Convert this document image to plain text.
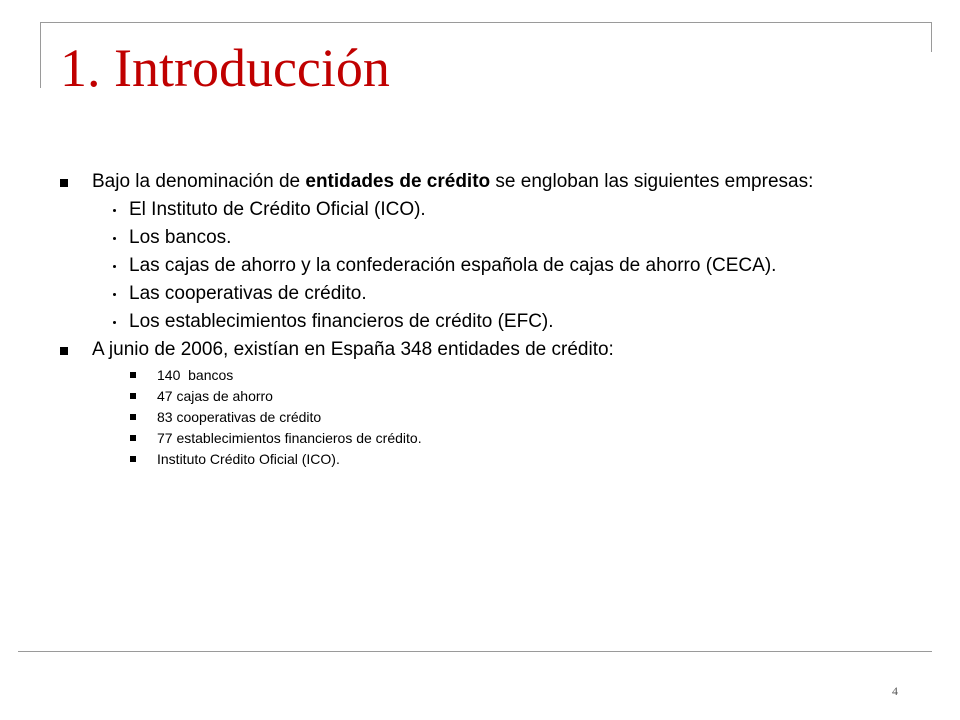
1. Introducción
Bajo la denominación de entidades de crédito se engloban las siguientes empresas:
El Instituto de Crédito Oficial (ICO).
Los bancos.
Las cajas de ahorro y la confederación española de cajas de ahorro (CECA).
Las cooperativas de crédito.
Los establecimientos financieros de crédito (EFC).
A junio de 2006, existían en España 348 entidades de crédito:
140  bancos
47 cajas de ahorro
83 cooperativas de crédito
77 establecimientos financieros de crédito.
Instituto Crédito Oficial (ICO).
4
